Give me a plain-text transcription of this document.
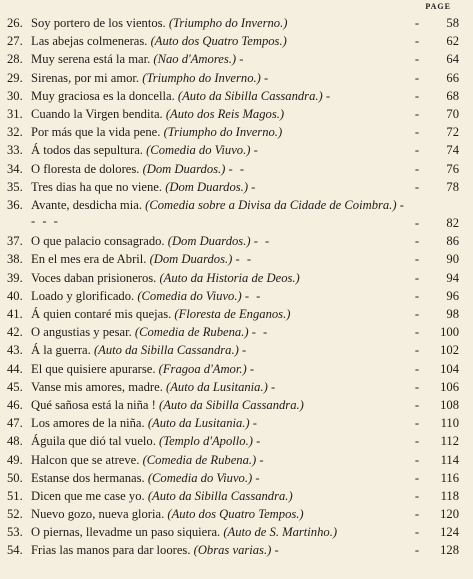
PAGE
26. Soy portero de los vientos. (Triumpho do Inverno.)	-	58
27. Las abejas colmeneras. (Auto dos Quatro Tempos.)	-	62
28. Muy serena está la mar. (Nao d'Amores.) -	-	64
29. Sirenas, por mi amor. (Triumpho do Inverno.) -	-	66
30. Muy graciosa es la doncella. (Auto da Sibilla Cassandra.) -	-	68
31. Cuando la Virgen bendita. (Auto dos Reis Magos.)	-	70
32. Por más que la vida pene. (Triumpho do Inverno.)	-	72
33. Á todos das sepultura. (Comedia do Viuvo.) -	-	74
34. O floresta de dolores. (Dom Duardos.) - -	-	76
35. Tres dias ha que no viene. (Dom Duardos.) -	-	78
36. Avante, desdicha mia. (Comedia sobre a Divisa da Cidade de Coimbra.) - - - -	-	82
37. O que palacio consagrado. (Dom Duardos.) - -	-	86
38. En el mes era de Abril. (Dom Duardos.) - -	-	90
39. Voces daban prisioneros. (Auto da Historia de Deos.)	-	94
40. Loado y glorificado. (Comedia do Viuvo.) - -	-	96
41. Á quien contaré mis quejas. (Floresta de Enganos.)	-	98
42. O angustias y pesar. (Comedia de Rubena.) - -	-	100
43. Á la guerra. (Auto da Sibilla Cassandra.) -	-	102
44. El que quisiere apurarse. (Fragoa d'Amor.) -	-	104
45. Vanse mis amores, madre. (Auto da Lusitania.) -	-	106
46. Qué sañosa está la niña ! (Auto da Sibilla Cassandra.)	-	108
47. Los amores de la niña. (Auto da Lusitania.) -	-	110
48. Águila que dió tal vuelo. (Templo d'Apollo.) -	-	112
49. Halcon que se atreve. (Comedia de Rubena.) -	-	114
50. Estanse dos hermanas. (Comedia do Viuvo.) -	-	116
51. Dicen que me case yo. (Auto da Sibilla Cassandra.)	-	118
52. Nuevo gozo, nueva gloria. (Auto dos Quatro Tempos.)	-	120
53. O piernas, llevadme un paso siquiera. (Auto de S. Martinho.)	-	124
54. Frias las manos para dar loores. (Obras varias.) -	-	128
